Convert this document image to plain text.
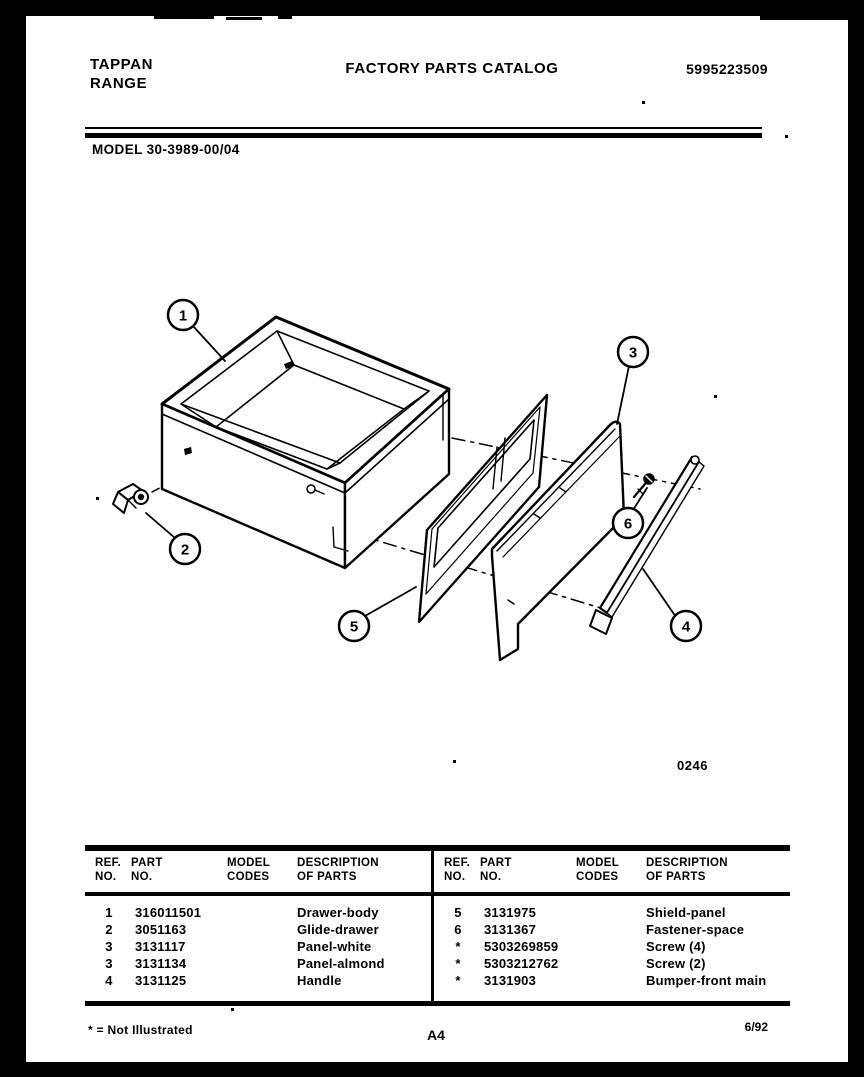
TAPPAN
RANGE
FACTORY PARTS CATALOG	5995223509
MODEL 30-3989-00/04
1
2
3
4
5
6
0246
REF.
NO.
PART
NO.
MODEL
CODES
DESCRIPTION
OF PARTS
1	316011501	Drawer-body
2	3051163	Glide-drawer
3	3131117	Panel-white
3	3131134	Panel-almond
4	3131125	Handle
REF.
NO.
PART
NO.
MODEL
CODES
DESCRIPTION
OF PARTS
5	3131975	Shield-panel
6	3131367	Fastener-space
*	5303269859	Screw (4)
*	5303212762	Screw (2)
*	3131903	Bumper-front main
* = Not Illustrated	A4	6/92
